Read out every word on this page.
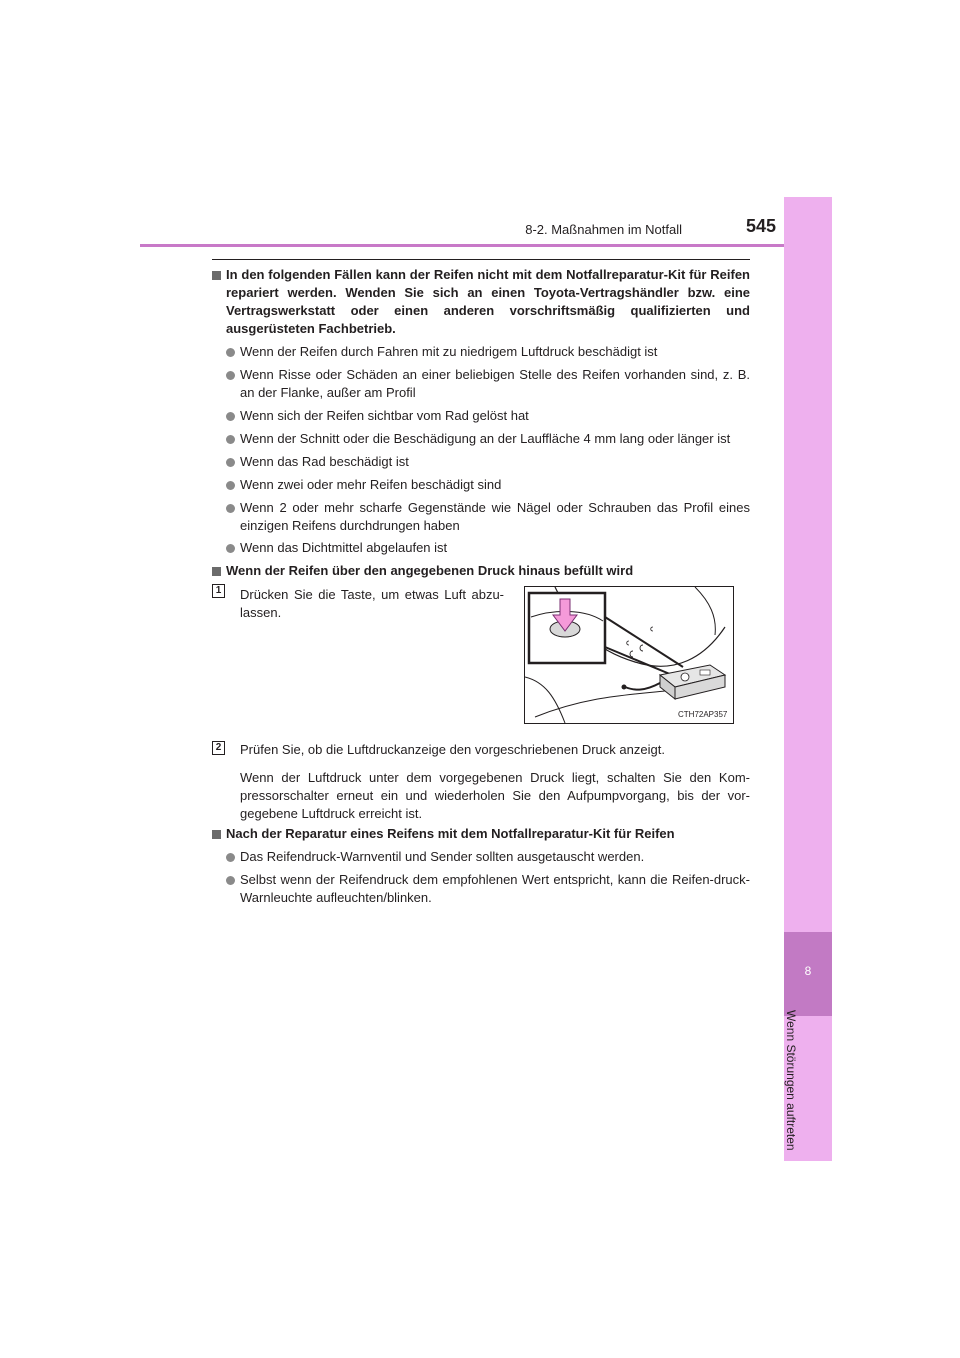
8-2. Maßnahmen im Notfall	545
8
Wenn Störungen auftreten
In den folgenden Fällen kann der Reifen nicht mit dem Notfallreparatur-Kit für Reifen repariert werden. Wenden Sie sich an einen Toyota-Vertragshändler bzw. eine Vertragswerkstatt oder einen anderen vorschriftsmäßig qualifizierten und ausgerüsteten Fachbetrieb.
Wenn der Reifen durch Fahren mit zu niedrigem Luftdruck beschädigt ist
Wenn Risse oder Schäden an einer beliebigen Stelle des Reifen vorhanden sind, z. B. an der Flanke, außer am Profil
Wenn sich der Reifen sichtbar vom Rad gelöst hat
Wenn der Schnitt oder die Beschädigung an der Lauffläche 4 mm lang oder länger ist
Wenn das Rad beschädigt ist
Wenn zwei oder mehr Reifen beschädigt sind
Wenn 2 oder mehr scharfe Gegenstände wie Nägel oder Schrauben das Profil eines einzigen Reifens durchdrungen haben
Wenn das Dichtmittel abgelaufen ist
Wenn der Reifen über den angegebenen Druck hinaus befüllt wird
1 Drücken Sie die Taste, um etwas Luft abzu-lassen.
CTH72AP357
2 Prüfen Sie, ob die Luftdruckanzeige den vorgeschriebenen Druck anzeigt.
Wenn der Luftdruck unter dem vorgegebenen Druck liegt, schalten Sie den Kom-pressorschalter erneut ein und wiederholen Sie den Aufpumpvorgang, bis der vor-gegebene Luftdruck erreicht ist.
Nach der Reparatur eines Reifens mit dem Notfallreparatur-Kit für Reifen
Das Reifendruck-Warnventil und Sender sollten ausgetauscht werden.
Selbst wenn der Reifendruck dem empfohlenen Wert entspricht, kann die Reifen-druck-Warnleuchte aufleuchten/blinken.
